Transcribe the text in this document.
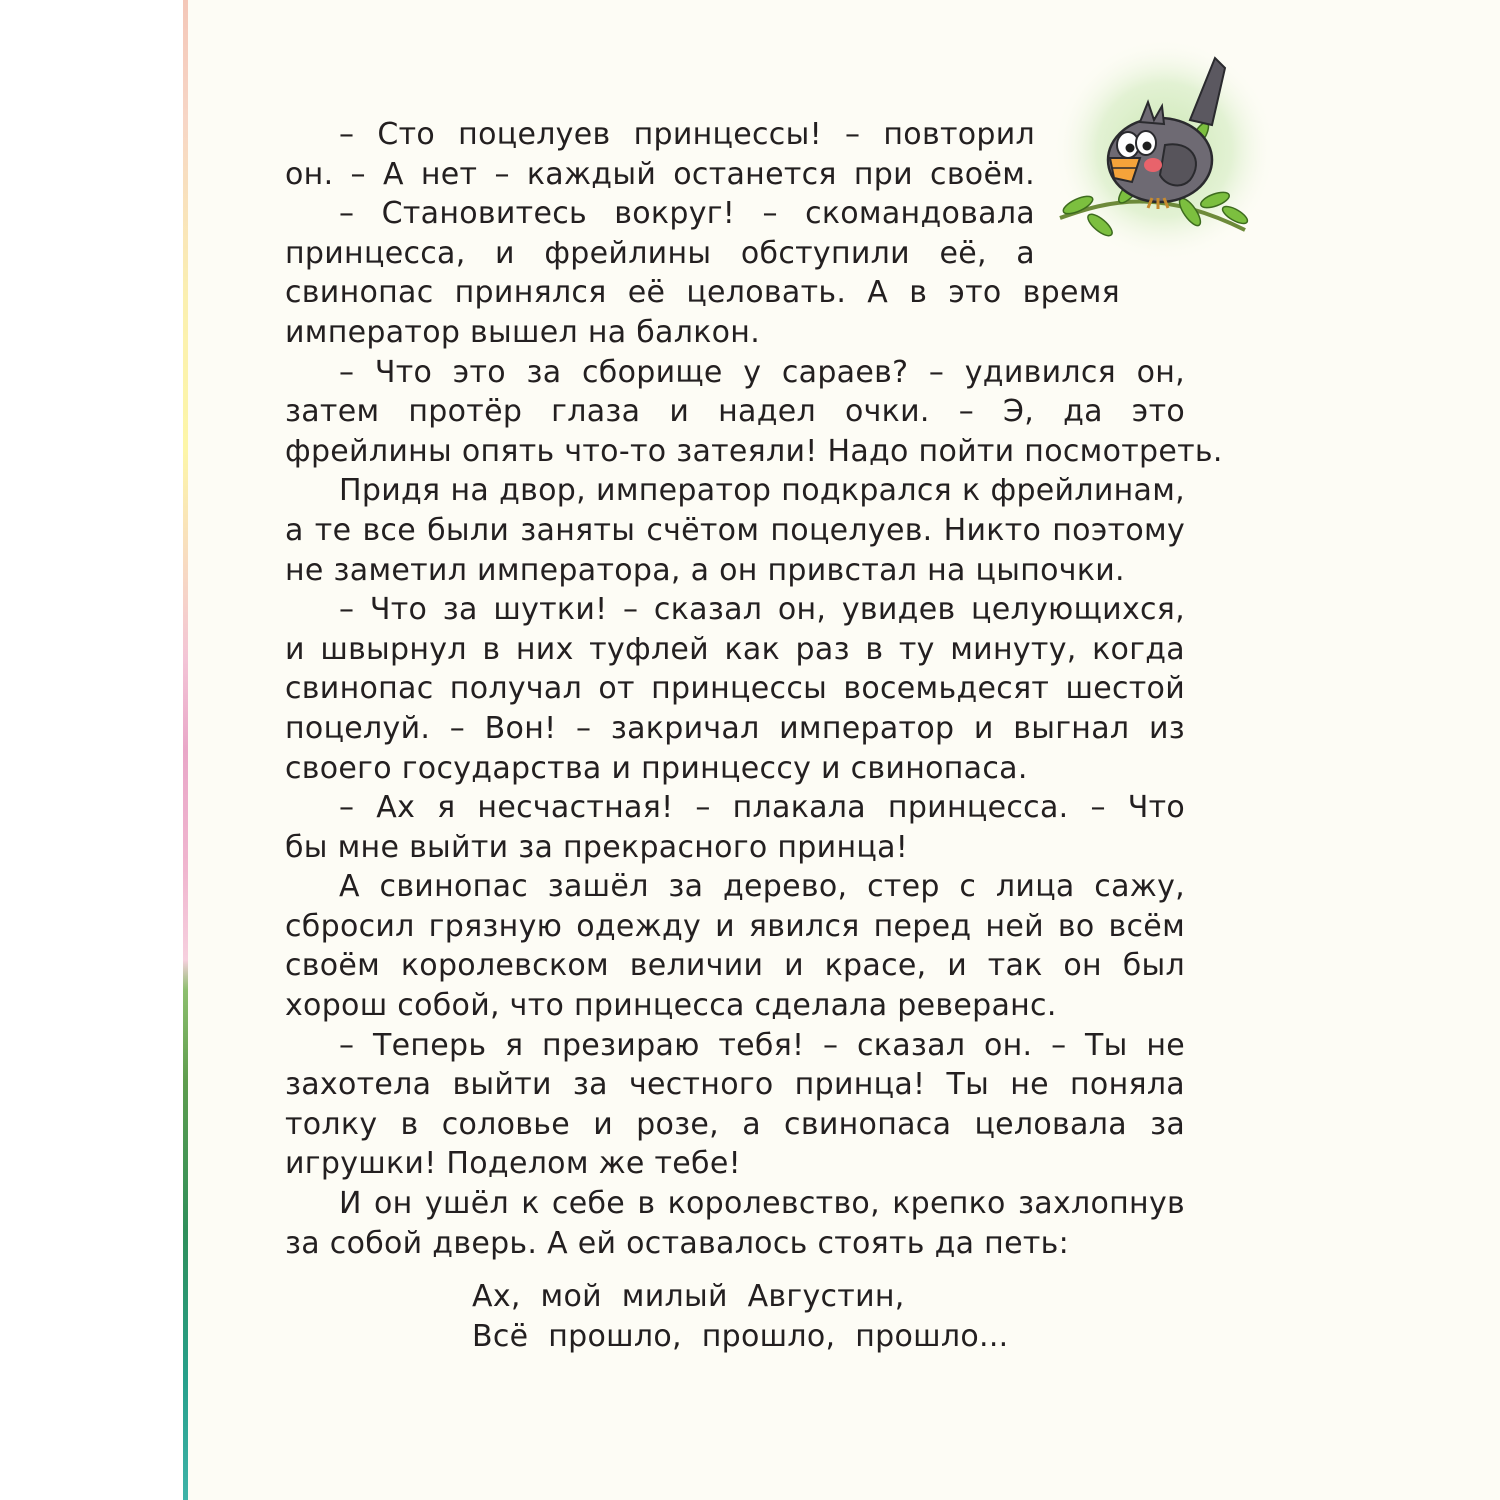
– Сто поцелуев принцессы! – повторил
он. – А нет – каждый останется при своём.
– Становитесь вокруг! – скомандовала
принцесса, и фрейлины обступили её, а
свинопас принялся её целовать. А в это время
император вышел на балкон.
– Что это за сборище у сараев? – удивился он,
затем протёр глаза и надел очки. – Э, да это
фрейлины опять что-то затеяли! Надо пойти посмотреть.
Придя на двор, император подкрался к фрейлинам,
а те все были заняты счётом поцелуев. Никто поэтому
не заметил императора, а он привстал на цыпочки.
– Что за шутки! – сказал он, увидев целующихся,
и швырнул в них туфлей как раз в ту минуту, когда
свинопас получал от принцессы восемьдесят шестой
поцелуй. – Вон! – закричал император и выгнал из
своего государства и принцессу и свинопаса.
– Ах я несчастная! – плакала принцесса. – Что
бы мне выйти за прекрасного принца!
А свинопас зашёл за дерево, стер с лица сажу,
сбросил грязную одежду и явился перед ней во всём
своём королевском величии и красе, и так он был
хорош собой, что принцесса сделала реверанс.
– Теперь я презираю тебя! – сказал он. – Ты не
захотела выйти за честного принца! Ты не поняла
толку в соловье и розе, а свинопаса целовала за
игрушки! Поделом же тебе!
И он ушёл к себе в королевство, крепко захлопнув
за собой дверь. А ей оставалось стоять да петь:
Ах, мой милый Августин,
Всё прошло, прошло, прошло...
